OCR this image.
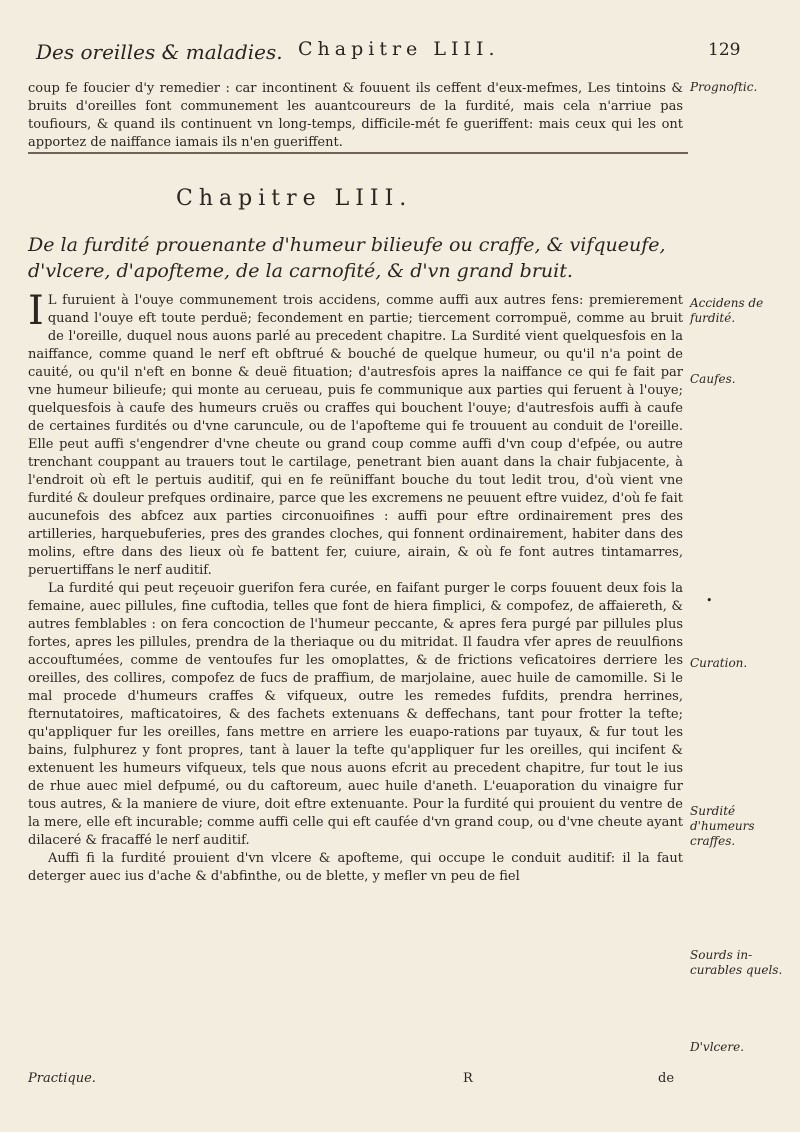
Des oreilles & maladies. Chapitre LIII.	129
coup fe foucier d'y remedier : car incontinent & fouuent ils ceffent d'eux-mefmes, Les tintoins & bruits d'oreilles font communement les auantcoureurs de la furdité, mais cela n'arriue pas toufiours, & quand ils continuent vn long-temps, difficile-mét fe gueriffent: mais ceux qui les ont apportez de naiffance iamais ils n'en gueriffent.
Prognoftic.
Chapitre LIII.
De la furdité prouenante d'humeur bilieufe ou craffe, & vifqueufe, d'vlcere, d'apofteme, de la carnofité, & d'vn grand bruit.

I L furuient à l'ouye communement trois accidens, comme auffi aux autres fens: premierement quand l'ouye eft toute perduë; fecondement en partie; tiercement corrompuë, comme au bruit de l'oreille, duquel nous auons parlé au precedent chapitre. La Surdité vient quelquesfois en la naiffance, comme quand le nerf eft obftrué & bouché de quelque humeur, ou qu'il n'a point de cauité, ou qu'il n'eft en bonne & deuë fituation; d'autresfois apres la naiffance ce qui fe fait par vne humeur bilieufe; qui monte au cerueau, puis fe communique aux parties qui feruent à l'ouye; quelquesfois à caufe des humeurs cruës ou craffes qui bouchent l'ouye; d'autresfois auffi à caufe de certaines furdités ou d'vne caruncule, ou de l'apofteme qui fe trouuent au conduit de l'oreille. Elle peut auffi s'engendrer d'vne cheute ou grand coup comme auffi d'vn coup d'efpée, ou autre trenchant couppant au trauers tout le cartilage, penetrant bien auant dans la chair fubjacente, à l'endroit où eft le pertuis auditif, qui en fe reüniffant bouche du tout ledit trou, d'où vient vne furdité & douleur prefques ordinaire, parce que les excremens ne peuuent eftre vuidez, d'où fe fait aucunefois des abfcez aux parties circonuoifines : auffi pour eftre ordinairement pres des artilleries, harquebuferies, pres des grandes cloches, qui fonnent ordinairement, habiter dans des molins, eftre dans des lieux où fe battent fer, cuiure, airain, & où fe font autres tintamarres, peruertiffans le nerf auditif.

La furdité qui peut reçeuoir guerifon fera curée, en faifant purger le corps fouuent deux fois la femaine, auec pillules, fine cuftodia, telles que font de hiera fimplici, & compofez, de affaiereth, & autres femblables : on fera concoction de l'humeur peccante, & apres fera purgé par pillules plus fortes, apres les pillules, prendra de la theriaque ou du mitridat. Il faudra vfer apres de reuulfions accouftumées, comme de ventoufes fur les omoplattes, & de frictions veficatoires derriere les oreilles, des collires, compofez de fucs de praffium, de marjolaine, auec huile de camomille. Si le mal procede d'humeurs craffes & vifqueux, outre les remedes fufdits, prendra herrines, fternutatoires, mafticatoires, & des fachets extenuans & deffechans, tant pour frotter la tefte; qu'appliquer fur les oreilles, fans mettre en arriere les euapo-rations par tuyaux, & fur tout les bains, fulphurez y font propres, tant à lauer la tefte qu'appliquer fur les oreilles, qui incifent & extenuent les humeurs vifqueux, tels que nous auons efcrit au precedent chapitre, fur tout le ius de rhue auec miel defpumé, ou du caftoreum, auec huile d'aneth. L'euaporation du vinaigre fur tous autres, & la maniere de viure, doit eftre extenuante. Pour la furdité qui prouient du ventre de la mere, elle eft incurable; comme auffi celle qui eft caufée d'vn grand coup, ou d'vne cheute ayant dilaceré & fracaffé le nerf auditif.

Auffi fi la furdité prouient d'vn vlcere & apofteme, qui occupe le conduit auditif: il la faut deterger auec ius d'ache & d'abfinthe, ou de blette, y mefler vn peu de fiel

Accidens de furdité.
Caufes.
•
Curation.
Surdité d'humeurs craffes.
Sourds in-curables quels.
D'vlcere.
Practique.	R	de
